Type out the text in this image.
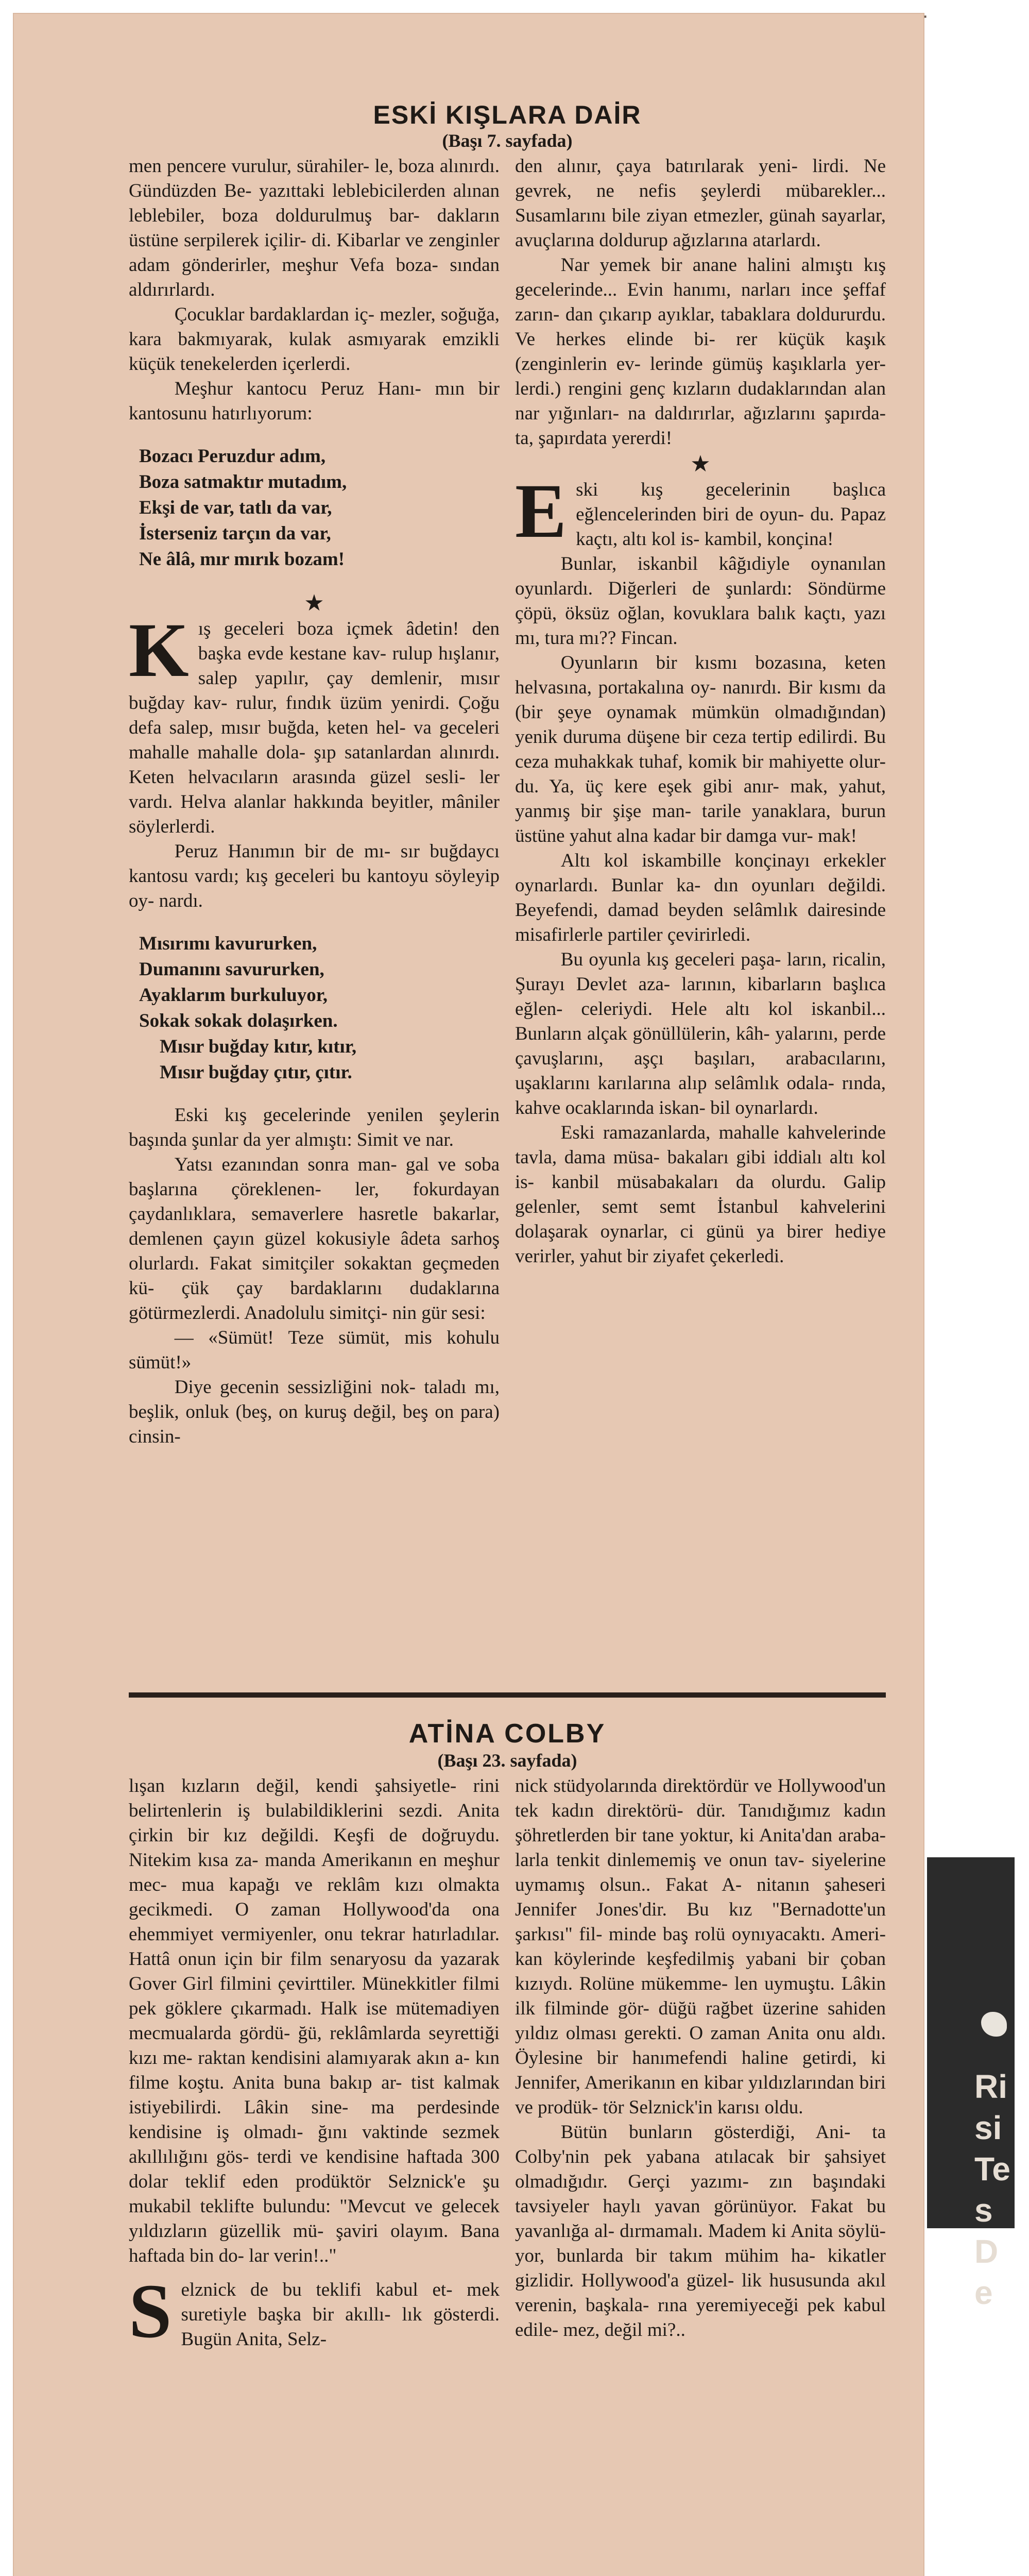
·
ESKİ KIŞLARA DAİR
(Başı 7. sayfada)

men pencere vurulur, sürahiler- le, boza alınırdı. Gündüzden Be- yazıttaki leblebicilerden alınan leblebiler, boza doldurulmuş bar- dakların üstüne serpilerek içilir- di. Kibarlar ve zenginler adam gönderirler, meşhur Vefa boza- sından aldırırlardı.

Çocuklar bardaklardan iç- mezler, soğuğa, kara bakmıyarak, kulak asmıyarak emzikli küçük tenekelerden içerlerdi.

Meşhur kantocu Peruz Hanı- mın bir kantosunu hatırlıyorum:

Bozacı Peruzdur adım,
Boza satmaktır mutadım,
Ekşi de var, tatlı da var,
İsterseniz tarçın da var,
Ne âlâ, mır mırık bozam!
★
K ış geceleri boza içmek âdetin! den başka evde kestane kav- rulup hışlanır, salep yapılır, çay demlenir, mısır buğday kav- rulur, fındık üzüm yenirdi. Çoğu defa salep, mısır buğda, keten hel- va geceleri mahalle mahalle dola- şıp satanlardan alınırdı. Keten helvacıların arasında güzel sesli- ler vardı. Helva alanlar hakkında beyitler, mâniler söylerlerdi.

Peruz Hanımın bir de mı- sır buğdaycı kantosu vardı; kış geceleri bu kantoyu söyleyip oy- nardı.

Mısırımı kavururken,
Dumanını savururken,
Ayaklarım burkuluyor,
Sokak sokak dolaşırken.
Mısır buğday kıtır, kıtır,
Mısır buğday çıtır, çıtır.

Eski kış gecelerinde yenilen şeylerin başında şunlar da yer almıştı: Simit ve nar.

Yatsı ezanından sonra man- gal ve soba başlarına çöreklenen- ler, fokurdayan çaydanlıklara, semaverlere hasretle bakarlar, demlenen çayın güzel kokusiyle âdeta sarhoş olurlardı. Fakat simitçiler sokaktan geçmeden kü- çük çay bardaklarını dudaklarına götürmezlerdi. Anadolulu simitçi- nin gür sesi:

— «Sümüt! Teze sümüt, mis kohulu sümüt!»

Diye gecenin sessizliğini nok- taladı mı, beşlik, onluk (beş, on kuruş değil, beş on para) cinsin-

den alınır, çaya batırılarak yeni- lirdi. Ne gevrek, ne nefis şeylerdi mübarekler... Susamlarını bile ziyan etmezler, günah sayarlar, avuçlarına doldurup ağızlarına atarlardı.

Nar yemek bir anane halini almıştı kış gecelerinde... Evin hanımı, narları ince şeffaf zarın- dan çıkarıp ayıklar, tabaklara doldururdu. Ve herkes elinde bi- rer küçük kaşık (zenginlerin ev- lerinde gümüş kaşıklarla yer- lerdi.) rengini genç kızların dudaklarından alan nar yığınları- na daldırırlar, ağızlarını şapırda- ta, şapırdata yererdi!

★
E ski kış gecelerinin başlıca eğlencelerinden biri de oyun- du. Papaz kaçtı, altı kol is- kambil, konçina!

Bunlar, iskanbil kâğıdiyle oynanılan oyunlardı. Diğerleri de şunlardı: Söndürme çöpü, öksüz oğlan, kovuklara balık kaçtı, yazı mı, tura mı?? Fincan.

Oyunların bir kısmı bozasına, keten helvasına, portakalına oy- nanırdı. Bir kısmı da (bir şeye oynamak mümkün olmadığından) yenik duruma düşene bir ceza tertip edilirdi. Bu ceza muhakkak tuhaf, komik bir mahiyette olur- du. Ya, üç kere eşek gibi anır- mak, yahut, yanmış bir şişe man- tarile yanaklara, burun üstüne yahut alna kadar bir damga vur- mak!

Altı kol iskambille konçinayı erkekler oynarlardı. Bunlar ka- dın oyunları değildi. Beyefendi, damad beyden selâmlık dairesinde misafirlerle partiler çevirirledi.

Bu oyunla kış geceleri paşa- ların, ricalin, Şurayı Devlet aza- larının, kibarların başlıca eğlen- celeriydi. Hele altı kol iskanbil... Bunların alçak gönüllülerin, kâh- yalarını, perde çavuşlarını, aşçı başıları, arabacılarını, uşaklarını karılarına alıp selâmlık odala- rında, kahve ocaklarında iskan- bil oynarlardı.

Eski ramazanlarda, mahalle kahvelerinde tavla, dama müsa- bakaları gibi iddialı altı kol is- kanbil müsabakaları da olurdu. Galip gelenler, semt semt İstanbul kahvelerini dolaşarak oynarlar, ci günü ya birer hediye verirler, yahut bir ziyafet çekerledi.

ATİNA COLBY
(Başı 23. sayfada)

lışan kızların değil, kendi şahsiyetle- rini belirtenlerin iş bulabildiklerini sezdi. Anita çirkin bir kız değildi. Keşfi de doğruydu. Nitekim kısa za- manda Amerikanın en meşhur mec- mua kapağı ve reklâm kızı olmakta gecikmedi. O zaman Hollywood'da ona ehemmiyet vermiyenler, onu tekrar hatırladılar. Hattâ onun için bir film senaryosu da yazarak Gover Girl filmini çevirttiler. Münekkitler filmi pek göklere çıkarmadı. Halk ise mütemadiyen mecmualarda gördü- ğü, reklâmlarda seyrettiği kızı me- raktan kendisini alamıyarak akın a- kın filme koştu. Anita buna bakıp ar- tist kalmak istiyebilirdi. Lâkin sine- ma perdesinde kendisine iş olmadı- ğını vaktinde sezmek akıllılığını gös- terdi ve kendisine haftada 300 dolar teklif eden prodüktör Selznick'e şu mukabil teklifte bulundu: "Mevcut ve gelecek yıldızların güzellik mü- şaviri olayım. Bana haftada bin do- lar verin!.."

S elznick de bu teklifi kabul et- mek suretiyle başka bir akıllı- lık gösterdi. Bugün Anita, Selz-

nick stüdyolarında direktördür ve Hollywood'un tek kadın direktörü- dür. Tanıdığımız kadın şöhretlerden bir tane yoktur, ki Anita'dan araba- larla tenkit dinlememiş ve onun tav- siyelerine uymamış olsun.. Fakat A- nitanın şaheseri Jennifer Jones'dir. Bu kız "Bernadotte'un şarkısı" fil- minde baş rolü oynıyacaktı. Ameri- kan köylerinde keşfedilmiş yabani bir çoban kızıydı. Rolüne mükemme- len uymuştu. Lâkin ilk filminde gör- düğü rağbet üzerine sahiden yıldız olması gerekti. O zaman Anita onu aldı. Öylesine bir hanımefendi haline getirdi, ki Jennifer, Amerikanın en kibar yıldızlarından biri ve prodük- tör Selznick'in karısı oldu.

Bütün bunların gösterdiği, Ani- ta Colby'nin pek yabana atılacak bir şahsiyet olmadığıdır. Gerçi yazımı- zın başındaki tavsiyeler haylı yavan görünüyor. Fakat bu yavanlığa al- dırmamalı. Madem ki Anita söylü- yor, bunlarda bir takım mühim ha- kikatler gizlidir. Hollywood'a güzel- lik hususunda akıl verenin, başkala- rına yeremiyeceği pek kabul edile- mez, değil mi?..

Ri
si
Te
s
D
e
